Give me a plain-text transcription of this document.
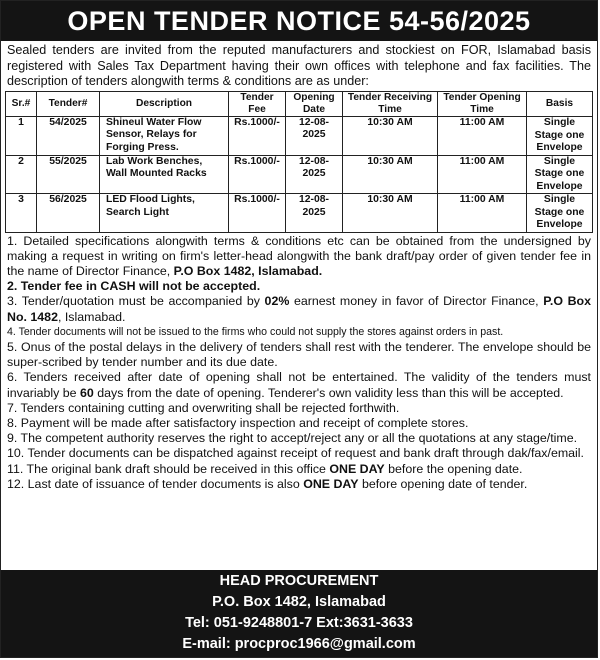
OPEN TENDER NOTICE 54-56/2025
Sealed tenders are invited from the reputed manufacturers and stockiest on FOR, Islamabad basis registered with Sales Tax Department having their own offices with telephone and fax facilities. The description of tenders alongwith terms & conditions are as under:
Sr.#	Tender#	Description	Tender Fee	Opening Date	Tender Receiving Time	Tender Opening Time	Basis
1	54/2025	Shineul Water Flow Sensor, Relays for Forging Press.	Rs.1000/-	12-08-2025	10:30 AM	11:00 AM	Single Stage one Envelope
2	55/2025	Lab Work Benches, Wall Mounted Racks	Rs.1000/-	12-08-2025	10:30 AM	11:00 AM	Single Stage one Envelope
3	56/2025	LED Flood Lights, Search Light	Rs.1000/-	12-08-2025	10:30 AM	11:00 AM	Single Stage one Envelope

1. Detailed specifications alongwith terms & conditions etc can be obtained from the undersigned by making a request in writing on firm's letter-head alongwith the bank draft/pay order of given tender fee in the name of Director Finance, P.O Box 1482, Islamabad.

2. Tender fee in CASH will not be accepted.

3. Tender/quotation must be accompanied by 02% earnest money in favor of Director Finance, P.O Box No. 1482, Islamabad.

4. Tender documents will not be issued to the firms who could not supply the stores against orders in past.

5. Onus of the postal delays in the delivery of tenders shall rest with the tenderer. The envelope should be super-scribed by tender number and its due date.

6. Tenders received after date of opening shall not be entertained. The validity of the tenders must invariably be 60 days from the date of opening. Tenderer's own validity less than this will be accepted.

7. Tenders containing cutting and overwriting shall be rejected forthwith.

8. Payment will be made after satisfactory inspection and receipt of complete stores.

9. The competent authority reserves the right to accept/reject any or all the quotations at any stage/time.

10. Tender documents can be dispatched against receipt of request and bank draft through dak/fax/email.

11. The original bank draft should be received in this office ONE DAY before the opening date.

12. Last date of issuance of tender documents is also ONE DAY before opening date of tender.

HEAD PROCUREMENT
P.O. Box 1482, Islamabad
Tel: 051-9248801-7 Ext:3631-3633
E-mail: procproc1966@gmail.com
